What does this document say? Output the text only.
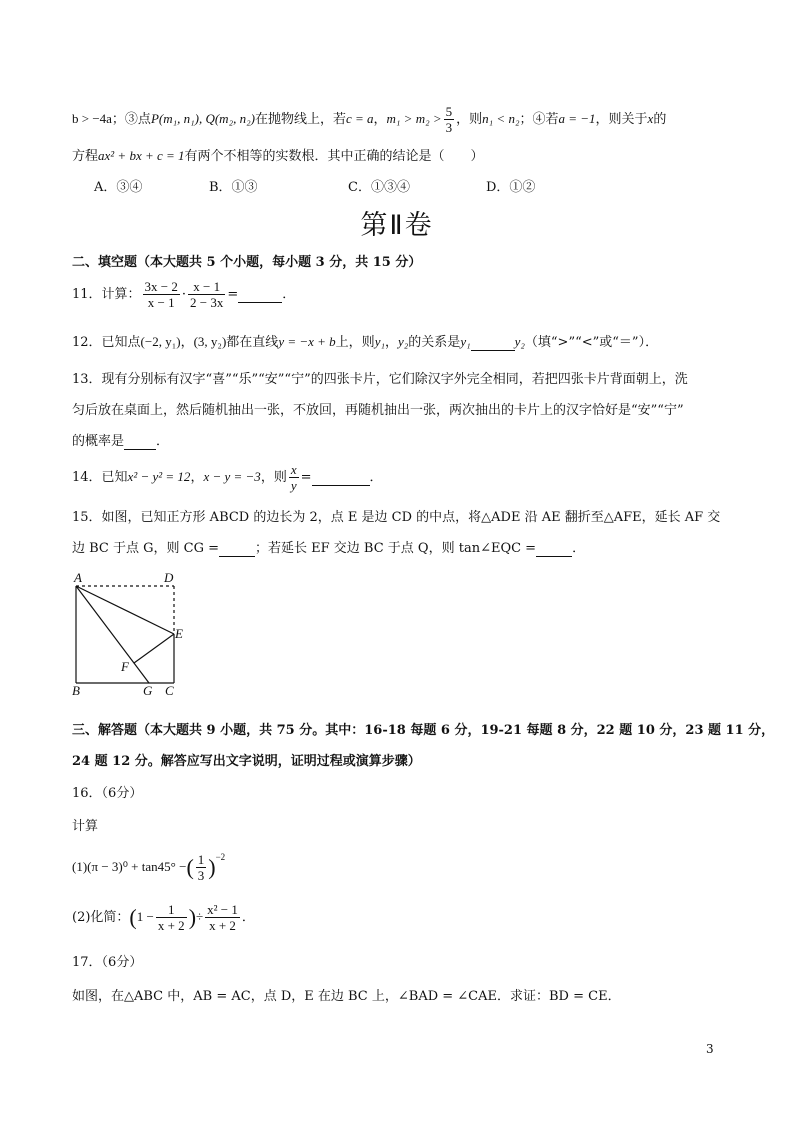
b > −4a；③点P(m₁, n₁), Q(m₂, n₂)在抛物线上，若c = a，$m_1 > m_2 > \frac{5}{3}$ ，则n₁ < n₂；④若a = −1，则关于x的
方程ax² + bx + c = 1有两个不相等的实数根．其中正确的结论是（　　）
A．③④	B．①③	C．①③④	D．①②
第Ⅱ卷
二、填空题（本大题共 5 个小题，每小题 3 分，共 15 分）
11．计算： $\frac{3x - 2}{x - 1} \cdot \frac{x - 1}{2 - 3x}$ =	．
12．已知点(−2, y₁)，(3, y₂)都在直线y = −x + b上，则y₁，y₂的关系是y₁	y₂（填“>”“<”或“＝”）．
13．现有分别标有汉字“喜”“乐”“安”“宁”的四张卡片，它们除汉字外完全相同，若把四张卡片背面朝上，洗
匀后放在桌面上，然后随机抽出一张，不放回，再随机抽出一张，两次抽出的卡片上的汉字恰好是“安”“宁”
的概率是 ．
14．已知x² − y² = 12，x − y = −3，则 $\frac{x}{y}$ =	．
15．如图，已知正方形 ABCD 的边长为 2，点 E 是边 CD 的中点，将△ADE 沿 AE 翻折至△AFE，延长 AF 交
边 BC 于点 G，则 CG =	；若延长 EF 交边 BC 于点 Q，则 tan∠EQC =	．
A	D
E
F
B	G C
三、解答题（本大题共 9 小题，共 75 分。其中：16-18 每题 6 分，19-21 每题 8 分，22 题 10 分，23 题 11 分，
24 题 12 分。解答应写出文字说明，证明过程或演算步骤）
16．（6分）
计算
(1)(π − 3)⁰ + tan45° −( $\frac{1}{3} )^{-2}$
(2)化简：($1 - \frac{1}{x + 2}$ )÷ $\frac{\text{x² − 1}}{x + 2}$ ．
17．（6分）
如图，在△ABC 中，AB = AC，点 D，E 在边 BC 上，∠BAD = ∠CAE．求证：BD = CE．
3
